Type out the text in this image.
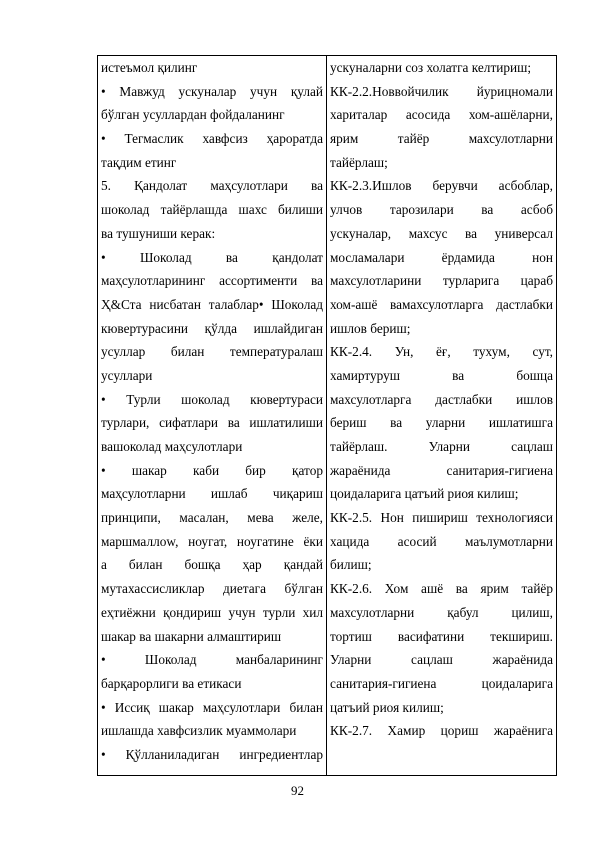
истеъмол қилинг
• Мавжуд ускуналар учун қулай
бўлган усуллардан фойдаланинг
• Тегмаслик хавфсиз ҳароратда
тақдим етинг
5. Қандолат маҳсулотлари ва
шоколад тайёрлашда шахс билиши
ва тушуниши керак:
• Шоколад ва қандолат
маҳсулотларининг ассортименти ва
Ҳ&Ста нисбатан талаблар• Шоколад
кювертурасини қўлда ишлайдиган
усуллар билан температуралаш
усуллари
• Турли шоколад кювертураси
турлари, сифатлари ва ишлатилиши
вашоколад маҳсулотлари
• шакар каби бир қатор
маҳсулотларни ишлаб чиқариш
принципи, масалан, мева желе,
маршмаллоw, ноугат, ноугатине ёки
а билан бошқа ҳар қандай
мутахассисликлар диетага бўлган
еҳтиёжни қондириш учун турли хил
шакар ва шакарни алмаштириш
• Шоколад манбаларининг
барқарорлиги ва етикаси
• Иссиқ шакар маҳсулотлари билан
ишлашда хавфсизлик муаммолари
• Қўлланиладиган ингредиентлар
ускуналарни соз холатга келтириш;
КК-2.2.Нoввойчилик йурицномали
хариталар асосида хом-ашёларни,
ярим тайёр махсулотларни
тайёрлаш;
КК-2.3.Ишлов берувчи асбоблар,
улчов тарозилари ва асбоб
ускуналар, махсус ва универсал
мосламалари ёрдамида нон
махсулотларини турларига цараб
хом-ашё вамахсулотларга дастлабки
ишлов бериш;
КК-2.4. Ун, ёғ, тухум, сут,
хамиртуруш ва бошца
махсулотларга дастлабки ишлов
бериш ва уларни ишлатишга
тайёрлаш. Уларни сацлаш
жараёнида санитария-гигиена
цоидаларига цатъий риоя килиш;
КК-2.5. Нон пишириш технологияси
хацида асосий маълумотларни
билиш;
КК-2.6. Хом ашё ва ярим тайёр
махсулотларни қабул цилиш,
тортиш васифатини текшириш.
Уларни сацлаш жараёнида
санитария-гигиена цоидаларига
цатъий риоя килиш;
КК-2.7. Хамир цориш жараёнига
92
